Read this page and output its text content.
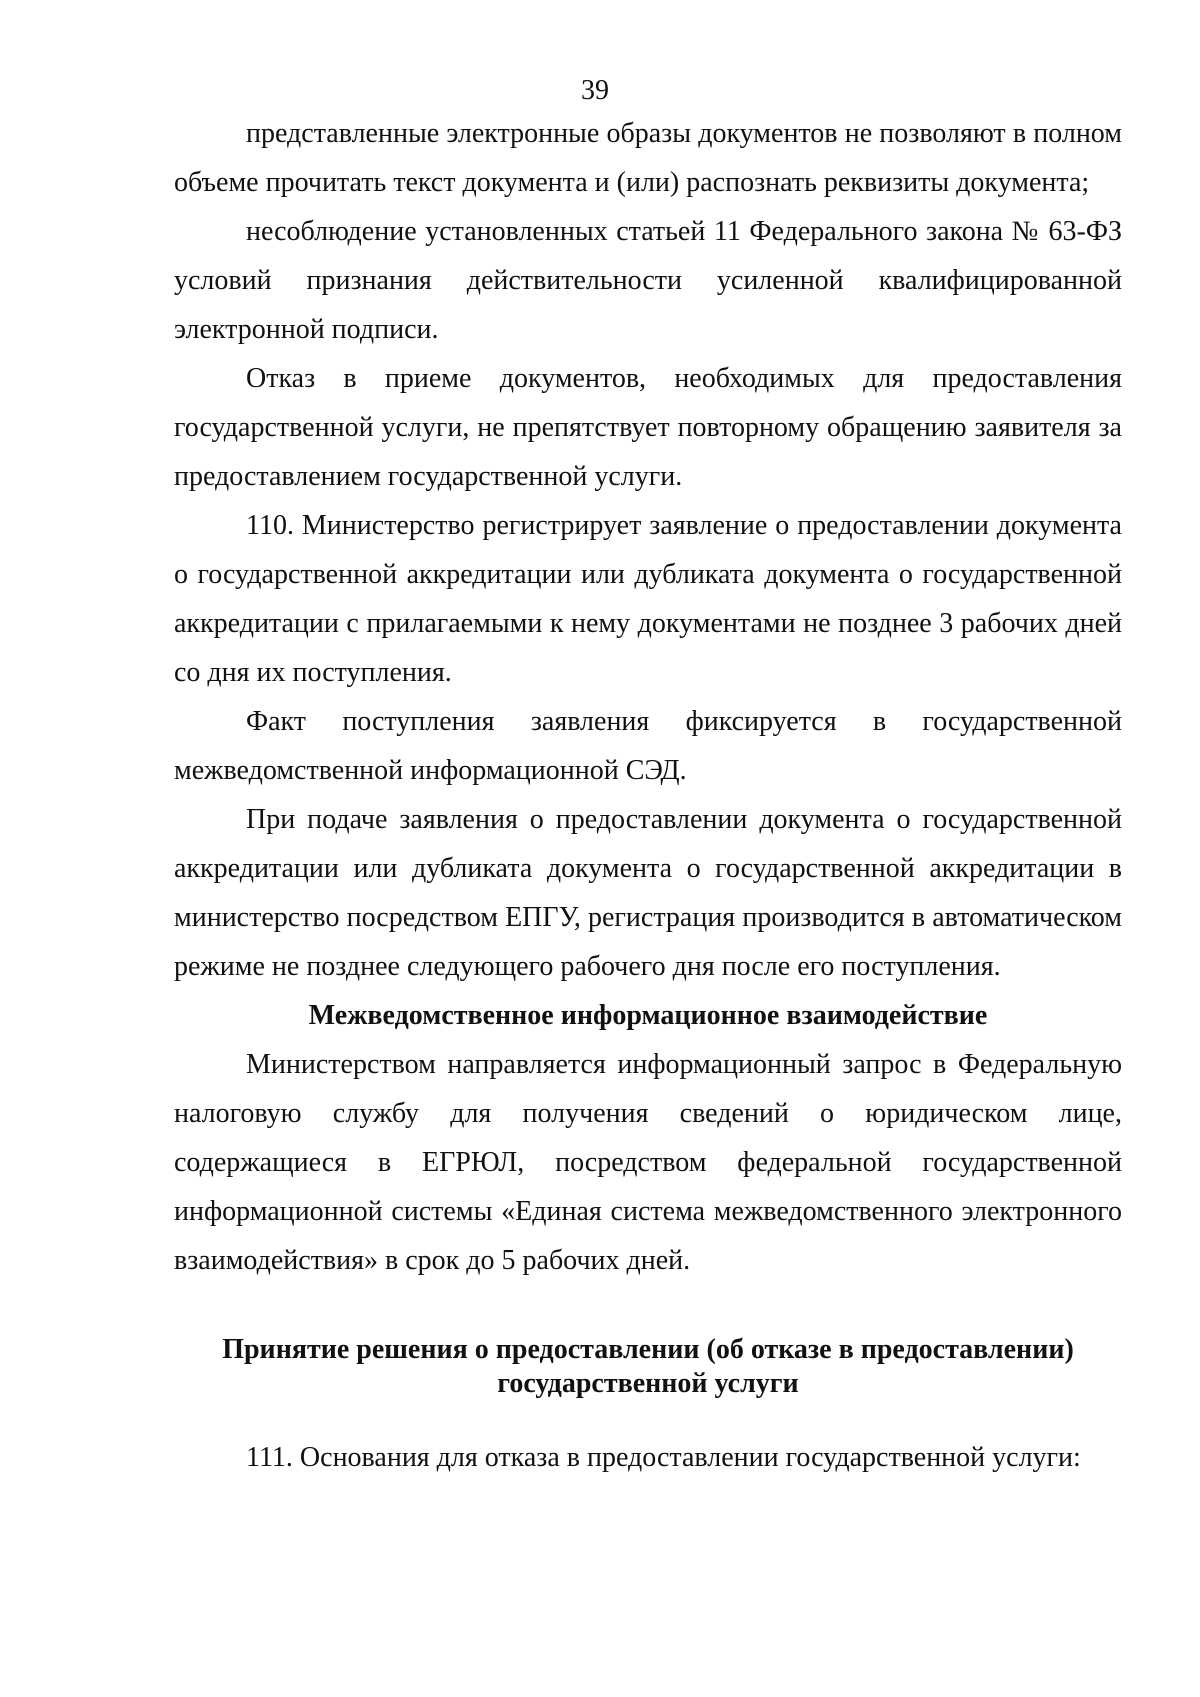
39

представленные электронные образы документов не позволяют в полном объеме прочитать текст документа и (или) распознать реквизиты документа;

несоблюдение установленных статьей 11 Федерального закона № 63-ФЗ условий признания действительности усиленной квалифицированной электронной подписи.

Отказ в приеме документов, необходимых для предоставления государственной услуги, не препятствует повторному обращению заявителя за предоставлением государственной услуги.

110. Министерство регистрирует заявление о предоставлении документа о государственной аккредитации или дубликата документа о государственной аккредитации с прилагаемыми к нему документами не позднее 3 рабочих дней со дня их поступления.

Факт поступления заявления фиксируется в государственной межведомственной информационной СЭД.

При подаче заявления о предоставлении документа о государственной аккредитации или дубликата документа о государственной аккредитации в министерство посредством ЕПГУ, регистрация производится в автоматическом режиме не позднее следующего рабочего дня после его поступления.

Межведомственное информационное взаимодействие

Министерством направляется информационный запрос в Федеральную налоговую службу для получения сведений о юридическом лице, содержащиеся в ЕГРЮЛ, посредством федеральной государственной информационной системы «Единая система межведомственного электронного взаимодействия» в срок до 5 рабочих дней.

Принятие решения о предоставлении (об отказе в предоставлении)
государственной услуги

111. Основания для отказа в предоставлении государственной услуги:
